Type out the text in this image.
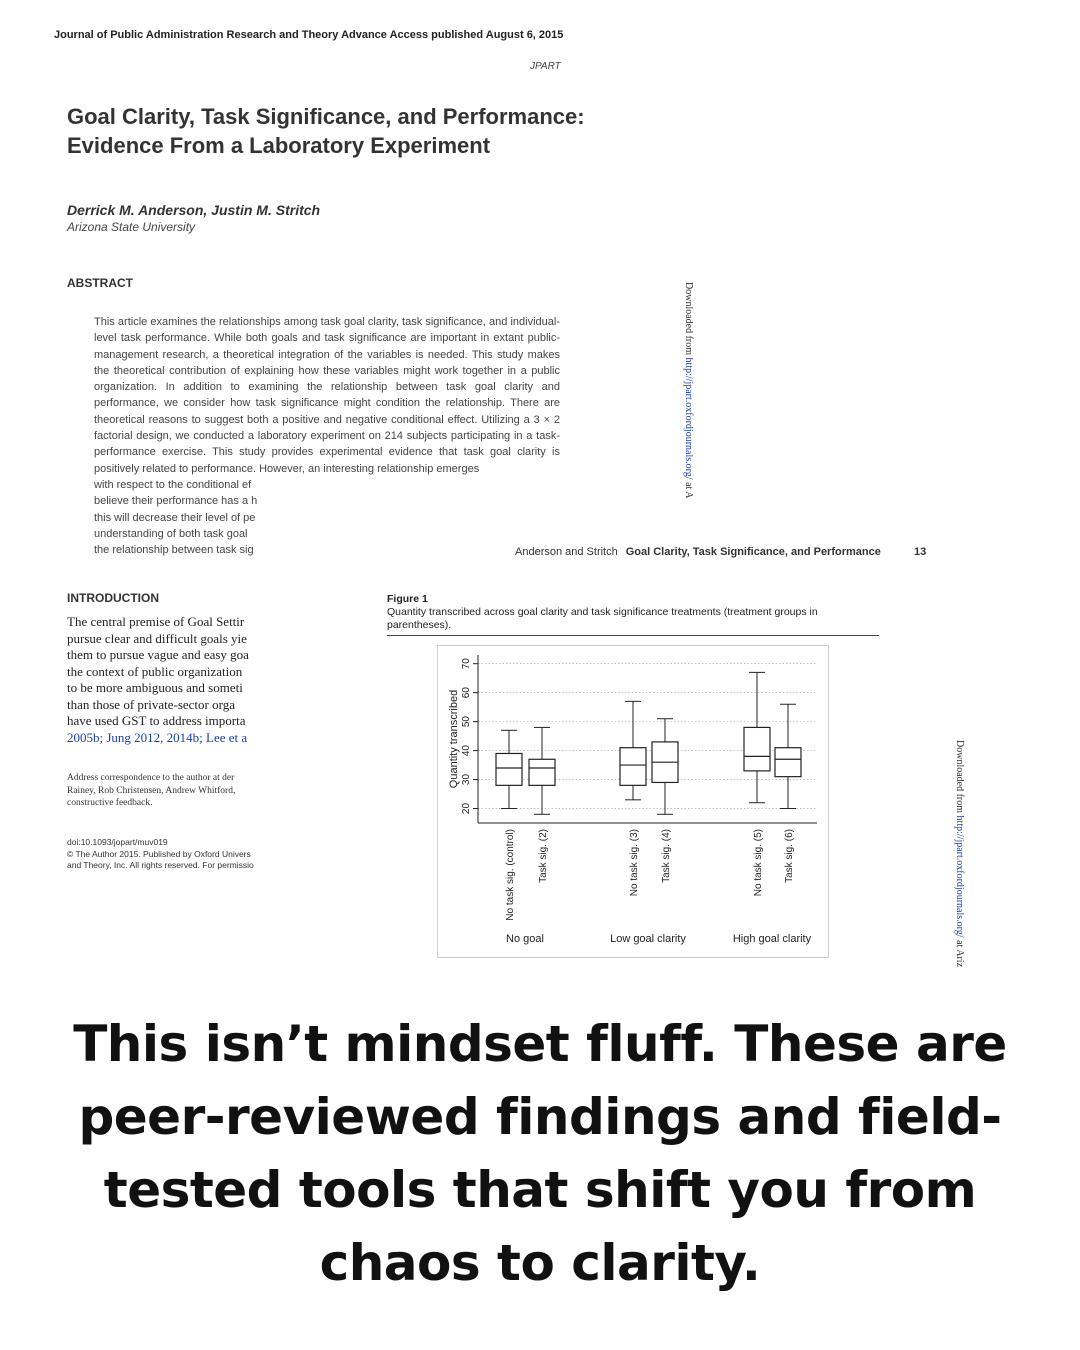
Journal of Public Administration Research and Theory Advance Access published August 6, 2015
JPART
Goal Clarity, Task Significance, and Performance: Evidence From a Laboratory Experiment
Derrick M. Anderson, Justin M. Stritch
Arizona State University
ABSTRACT
This article examines the relationships among task goal clarity, task significance, and individual-level task performance. While both goals and task significance are important in extant public-management research, a theoretical integration of the variables is needed. This study makes the theoretical contribution of explaining how these variables might work together in a public organization. In addition to examining the relationship between task goal clarity and performance, we consider how task significance might condition the relationship. There are theoretical reasons to suggest both a positive and negative conditional effect. Utilizing a 3 × 2 factorial design, we conducted a laboratory experiment on 214 subjects participating in a task-performance exercise. This study provides experimental evidence that task goal clarity is positively related to performance. However, an interesting relationship emerges
with respect to the conditional ef
believe their performance has a h
this will decrease their level of pe
understanding of both task goal
the relationship between task sig
INTRODUCTION
The central premise of Goal Settir
pursue clear and difficult goals yie
them to pursue vague and easy goa
the context of public organization
to be more ambiguous and someti
than those of private-sector orga
have used GST to address importa
2005b; Jung 2012, 2014b; Lee et a
Address correspondence to the author at der
Rainey, Rob Christensen, Andrew Whitford,
constructive feedback.
doi:10.1093/jopart/muv019
© The Author 2015. Published by Oxford Univers
and Theory, Inc. All rights reserved. For permissio
Downloaded from http://jpart.oxfordjournals.org/ at A
Anderson and Stritch Goal Clarity, Task Significance, and Performance	13
Figure 1
Quantity transcribed across goal clarity and task significance treatments (treatment groups in parentheses).
Downloaded from http://jpart.oxfordjournals.org/ at Ariz
20
30
40
50
60
70
Quantity transcribed
No task sig. (control) Task sig. (2)	No task sig. (3) Task sig. (4)	No task sig. (5) Task sig. (6)
No goal	Low goal clarity	High goal clarity
This isn’t mindset fluff. These are peer-reviewed findings and field-tested tools that shift you from chaos to clarity.
